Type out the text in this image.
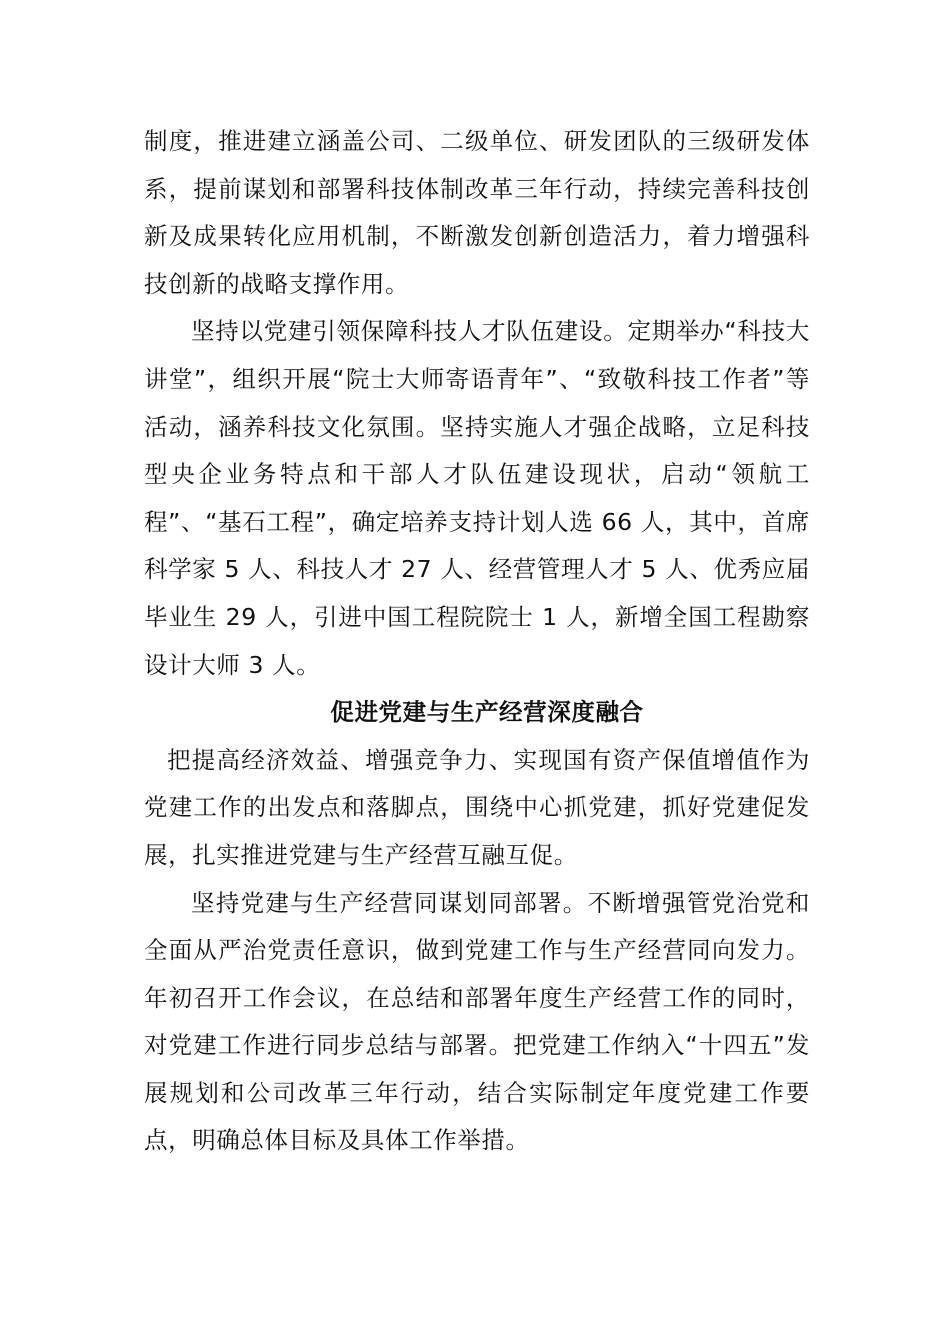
制度，推进建立涵盖公司、二级单位、研发团队的三级研发体系，提前谋划和部署科技体制改革三年行动，持续完善科技创新及成果转化应用机制，不断激发创新创造活力，着力增强科技创新的战略支撑作用。

坚持以党建引领保障科技人才队伍建设。定期举办“科技大讲堂”，组织开展“院士大师寄语青年”、“致敬科技工作者”等活动，涵养科技文化氛围。坚持实施人才强企战略，立足科技型央企业务特点和干部人才队伍建设现状，启动“领航工程”、“基石工程”，确定培养支持计划人选 66 人，其中，首席科学家 5 人、科技人才 27 人、经营管理人才 5 人、优秀应届毕业生 29 人，引进中国工程院院士 1 人，新增全国工程勘察设计大师 3 人。

促进党建与生产经营深度融合

把提高经济效益、增强竞争力、实现国有资产保值增值作为党建工作的出发点和落脚点，围绕中心抓党建，抓好党建促发展，扎实推进党建与生产经营互融互促。

坚持党建与生产经营同谋划同部署。不断增强管党治党和全面从严治党责任意识，做到党建工作与生产经营同向发力。年初召开工作会议，在总结和部署年度生产经营工作的同时，对党建工作进行同步总结与部署。把党建工作纳入“十四五”发展规划和公司改革三年行动，结合实际制定年度党建工作要点，明确总体目标及具体工作举措。
